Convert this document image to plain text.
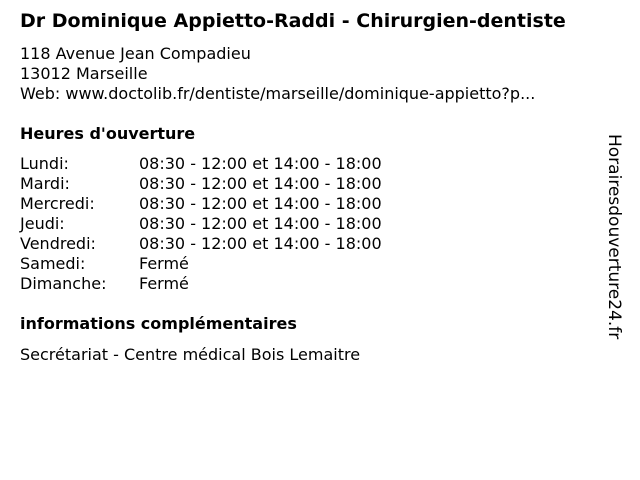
Dr Dominique Appietto-Raddi - Chirurgien-dentiste
118 Avenue Jean Compadieu
13012 Marseille
Web: www.doctolib.fr/dentiste/marseille/dominique-appietto?p...
Heures d'ouverture
Lundi:	08:30 - 12:00 et 14:00 - 18:00
Mardi:	08:30 - 12:00 et 14:00 - 18:00
Mercredi:	08:30 - 12:00 et 14:00 - 18:00
Jeudi:	08:30 - 12:00 et 14:00 - 18:00
Vendredi:	08:30 - 12:00 et 14:00 - 18:00
Samedi:	Fermé
Dimanche: Fermé
informations complémentaires
Secrétariat - Centre médical Bois Lemaitre
Horairesdouverture24.fr
